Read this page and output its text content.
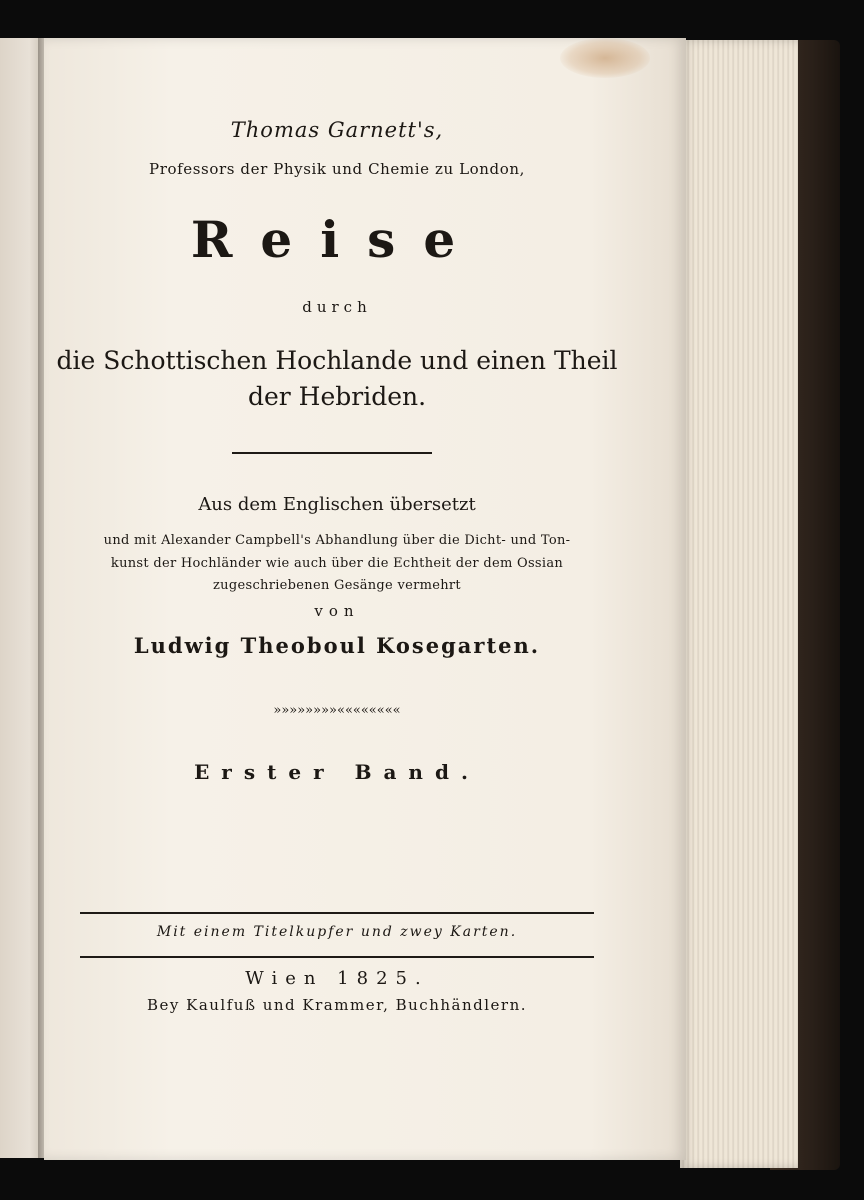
Thomas Garnett's,
Professors der Physik und Chemie zu London,
Reise
durch
die Schottischen Hochlande und einen Theil
der Hebriden.
Aus dem Englischen übersetzt
und mit Alexander Campbell's Abhandlung über die Dicht- und Ton-
kunst der Hochländer wie auch über die Echtheit der dem Ossian
zugeschriebenen Gesänge vermehrt
von
Ludwig Theoboul Kosegarten.
»»»»»»»»««««««««
Erster Band.
Mit einem Titelkupfer und zwey Karten.
Wien 1825.
Bey Kaulfuß und Krammer, Buchhändlern.
